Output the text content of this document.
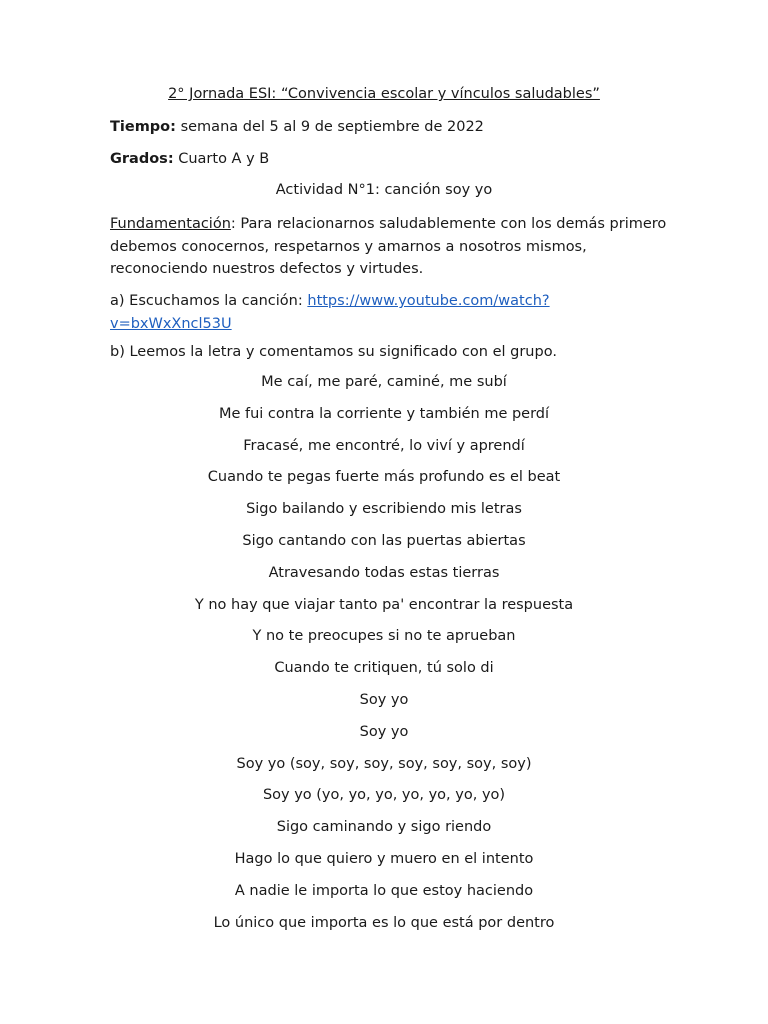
2° Jornada ESI: “Convivencia escolar y vínculos saludables”
Tiempo: semana del 5 al 9 de septiembre de 2022
Grados: Cuarto A y B
Actividad N°1: canción soy yo
Fundamentación: Para relacionarnos saludablemente con los demás primero debemos conocernos, respetarnos y amarnos a nosotros mismos, reconociendo nuestros defectos y virtudes.
a) Escuchamos la canción: https://www.youtube.com/watch?
v=bxWxXncl53U
b) Leemos la letra y comentamos su significado con el grupo.
Me caí, me paré, caminé, me subí
Me fui contra la corriente y también me perdí
Fracasé, me encontré, lo viví y aprendí
Cuando te pegas fuerte más profundo es el beat
Sigo bailando y escribiendo mis letras
Sigo cantando con las puertas abiertas
Atravesando todas estas tierras
Y no hay que viajar tanto pa' encontrar la respuesta
Y no te preocupes si no te aprueban
Cuando te critiquen, tú solo di
Soy yo
Soy yo
Soy yo (soy, soy, soy, soy, soy, soy, soy)
Soy yo (yo, yo, yo, yo, yo, yo, yo)
Sigo caminando y sigo riendo
Hago lo que quiero y muero en el intento
A nadie le importa lo que estoy haciendo
Lo único que importa es lo que está por dentro
